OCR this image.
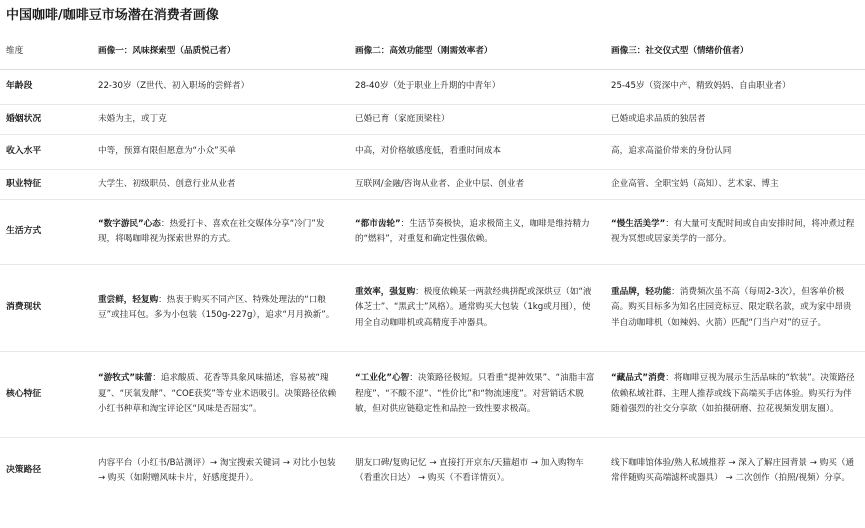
中国咖啡/咖啡豆市场潜在消费者画像
维度	画像一：风味探索型（品质悦己者）	画像二：高效功能型（刚需效率者）	画像三：社交仪式型（情绪价值者）
年龄段	22-30岁（Z世代、初入职场的尝鲜者）	28-40岁（处于职业上升期的中青年）	25-45岁（资深中产、精致妈妈、自由职业者）
婚姻状况	未婚为主，或丁克	已婚已育（家庭顶梁柱）	已婚或追求品质的独居者
收入水平	中等，预算有限但愿意为“小众”买单	中高，对价格敏感度低，看重时间成本	高，追求高溢价带来的身份认同
职业特征	大学生、初级职员、创意行业从业者	互联网/金融/咨询从业者、企业中层、创业者	企业高管、全职宝妈（高知）、艺术家、博主
生活方式	“数字游民”心态：热爱打卡、喜欢在社交媒体分享“冷门”发现，将喝咖啡视为探索世界的方式。	“都市齿轮”：生活节奏极快，追求极简主义，咖啡是维持精力的“燃料”，对重复和确定性强依赖。	“慢生活美学”：有大量可支配时间或自由安排时间，将冲煮过程视为冥想或居家美学的一部分。
消费现状	重尝鲜，轻复购：热衷于购买不同产区、特殊处理法的“口粮豆”或挂耳包。多为小包装（150g-227g），追求“月月换新”。	重效率，强复购：极度依赖某一两款经典拼配或深烘豆（如“液体芝士”、“黑武士”风格）。通常购买大包装（1kg或月囤），使用全自动咖啡机或高精度手冲器具。	重品牌，轻功能：消费频次虽不高（每周2-3次），但客单价极高。购买目标多为知名庄园竞标豆、限定联名款，或为家中昂贵半自动咖啡机（如辣妈、火箭）匹配“门当户对”的豆子。
核心特征	“游牧式”味蕾：追求酸质、花香等具象风味描述，容易被“瑰夏”、“厌氧发酵”、“COE获奖”等专业术语吸引。决策路径依赖小红书种草和淘宝评论区“风味是否屈实”。	“工业化”心智：决策路径极短。只看重“提神效果”、“油脂丰富程度”、“不酸不涩”、“性价比”和“物流速度”。对营销话术脱敏，但对供应链稳定性和品控一致性要求极高。	“藏品式”消费：将咖啡豆视为展示生活品味的“软装”。决策路径依赖私域社群、主理人推荐或线下高端买手店体验。购买行为伴随着强烈的社交分享欲（如拍摄研磨、拉花视频发朋友圈）。
决策路径	内容平台（小红书/B站测评）→ 淘宝搜索关键词 → 对比小包装 → 购买（如附赠风味卡片，好感度提升）。	朋友口碑/复购记忆 → 直接打开京东/天猫超市 → 加入购物车（看重次日达） → 购买（不看详情页）。	线下咖啡馆体验/熟人私域推荐 → 深入了解庄园背景 → 购买（通常伴随购买高端滤杯或器具） → 二次创作（拍照/视频）分享。
